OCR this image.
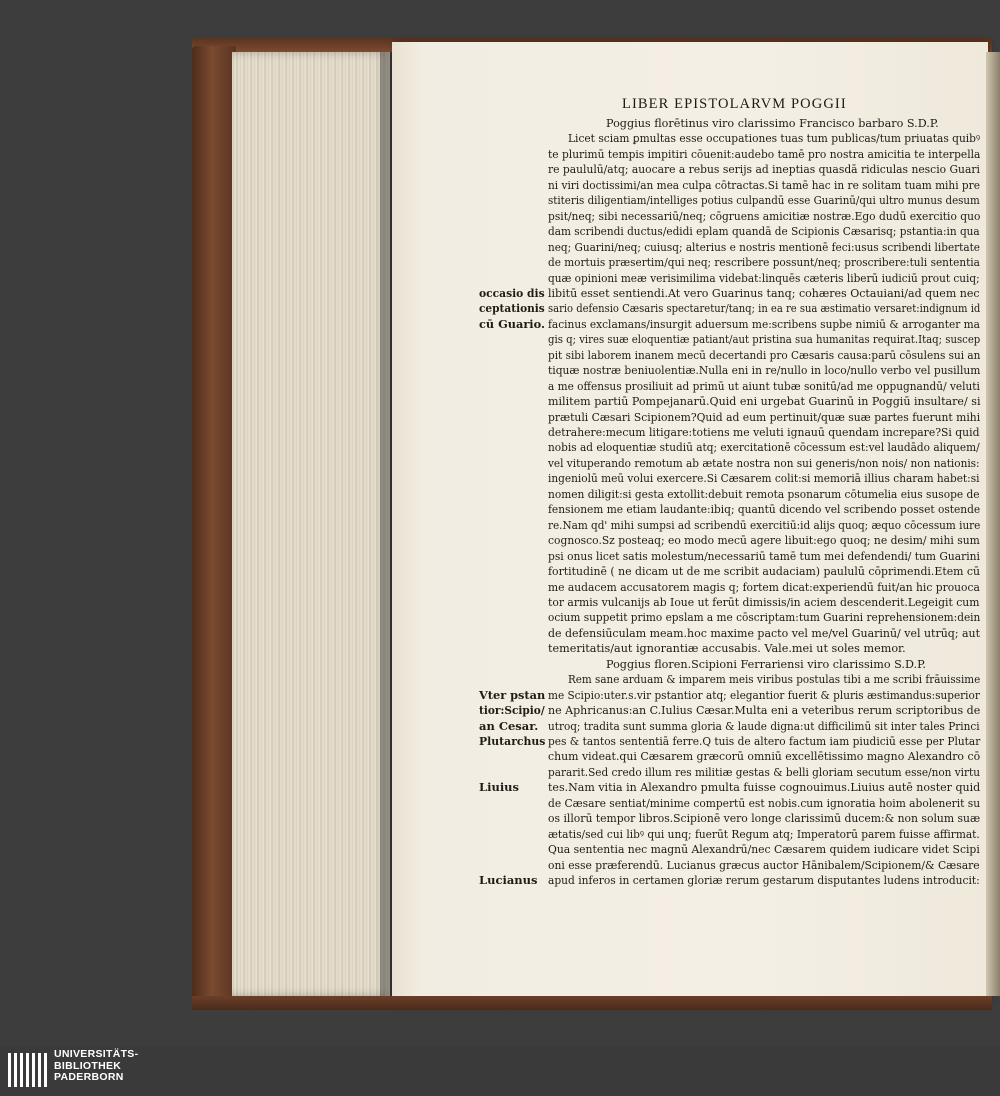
LIBER EPISTOLARVM POGGII
Poggius florētinus viro clarissimo Francisco barbaro S.D.P.
Licet sciam ꝑmultas esse occupationes tuas tum publicas/tum priuatas quibꝰ
te plurimū tempis impitiri cōuenit:audebo tamē pro nostra amicitia te interpella
re paululū/atq; auocare a rebus serijs ad ineptias quasdā ridiculas nescio Guari
ni viri doctissimi/an mea culpa cōtractas.Si tamē hac in re solitam tuam mihi pre
stiteris diligentiam/intelliges potius culpandū esse Guarinū/qui ultro munus desum
psit/neq; sibi necessariū/neq; cōgruens amicitiæ nostræ.Ego dudū exercitio quo
dam scribendi ductus/edidi eplam quandā de Scipionis Cæsarisq; pstantia:in qua
neq; Guarini/neq; cuiusq; alterius e nostris mentionē feci:usus scribendi libertate
de mortuis præsertim/qui neq; rescribere possunt/neq; proscribere:tuli sententia
quæ opinioni meæ verisimilima videbat:linquēs cæteris liberū iudiciū prout cuiq;
libitū esset sentiendi.At vero Guarinus tanq; cohæres Octauiani/ad quem nec
sario defensio Cæsaris spectaretur/tanq; in ea re sua æstimatio versaret:indignum id
facinus exclamans/insurgit aduersum me:scribens supbe nimiū & arroganter ma
gis q; vires suæ eloquentiæ patiant/aut pristina sua humanitas requirat.Itaq; suscep
pit sibi laborem inanem mecū decertandi pro Cæsaris causa:parū cōsulens sui an
tiquæ nostræ beniuolentiæ.Nulla eni in re/nullo in loco/nullo verbo vel pusillum
a me offensus prosiliuit ad primū ut aiunt tubæ sonitū/ad me oppugnandū/ veluti
militem partiū Pompejanarū.Quid eni urgebat Guarinū in Poggiū insultare/ si
prætuli Cæsari Scipionem?Quid ad eum pertinuit/quæ suæ partes fuerunt mihi
detrahere:mecum litigare:totiens me veluti ignauū quendam increpare?Si quid
nobis ad eloquentiæ studiū atq; exercitationē cōcessum est:vel laudādo aliquem/
vel vituperando remotum ab ætate nostra non sui generis/non nois/ non nationis:
ingeniolū meū volui exercere.Si Cæsarem colit:si memoriā illius charam habet:si
nomen diligit:si gesta extollit:debuit remota psonarum cōtumelia eius susope de
fensionem me etiam laudante:ibiq; quantū dicendo vel scribendo posset ostende
re.Nam qd' mihi sumpsi ad scribendū exercitiū:id alijs quoq; æquo cōcessum iure
cognosco.Sz posteaq; eo modo mecū agere libuit:ego quoq; ne desim/ mihi sum
psi onus licet satis molestum/necessariū tamē tum mei defendendi/ tum Guarini
fortitudinē ( ne dicam ut de me scribit audaciam) paululū cōprimendi.Etem cū
me audacem accusatorem magis q; fortem dicat:experiendū fuit/an hic prouoca
tor armis vulcanijs ab Ioue ut ferūt dimissis/in aciem descenderit.Legeigit cum
ocium suppetit primo epslam a me cōscriptam:tum Guarini reprehensionem:dein
de defensiūculam meam.hoc maxime pacto vel me/vel Guarinū/ vel utrūq; aut
temeritatis/aut ignorantiæ accusabis. Vale.mei ut soles memor.
Poggius floren.Scipioni Ferrariensi viro clarissimo S.D.P.
Rem sane arduam & imparem meis viribus postulas tibi a me scribi frāuissime
me Scipio:uter.s.vir pstantior atq; elegantior fuerit & pluris æstimandus:superior
ne Aphricanus:an C.Iulius Cæsar.Multa eni a veteribus rerum scriptoribus de
utroq; tradita sunt summa gloria & laude digna:ut difficilimū sit inter tales Princi
pes & tantos sententiā ferre.Q tuis de altero factum iam piudiciū esse per Plutar
chum videat.qui Cæsarem græcorū omniū excellētissimo magno Alexandro cō
pararit.Sed credo illum res militiæ gestas & belli gloriam secutum esse/non virtu
tes.Nam vitia in Alexandro pmulta fuisse cognouimus.Liuius autē noster quid
de Cæsare sentiat/minime compertū est nobis.cum ignoratia hoim abolenerit su
os illorū tempor libros.Scipionē vero longe clarissimū ducem:& non solum suæ
ætatis/sed cui libꝰ qui unq; fuerūt Regum atq; Imperatorū parem fuisse affirmat.
Qua sententia nec magnū Alexandrū/nec Cæsarem quidem iudicare videt Scipi
oni esse præferendū. Lucianus græcus auctor Hānibalem/Scipionem/& Cæsare
apud inferos in certamen gloriæ rerum gestarum disputantes ludens introducit:
occasio dis
ceptationis
cū Guario.
Vter pstan
tior:Scipio/
an Cesar.
Plutarchus
Liuius
Lucianus
UNIVERSITÄTS-
BIBLIOTHEK
PADERBORN
